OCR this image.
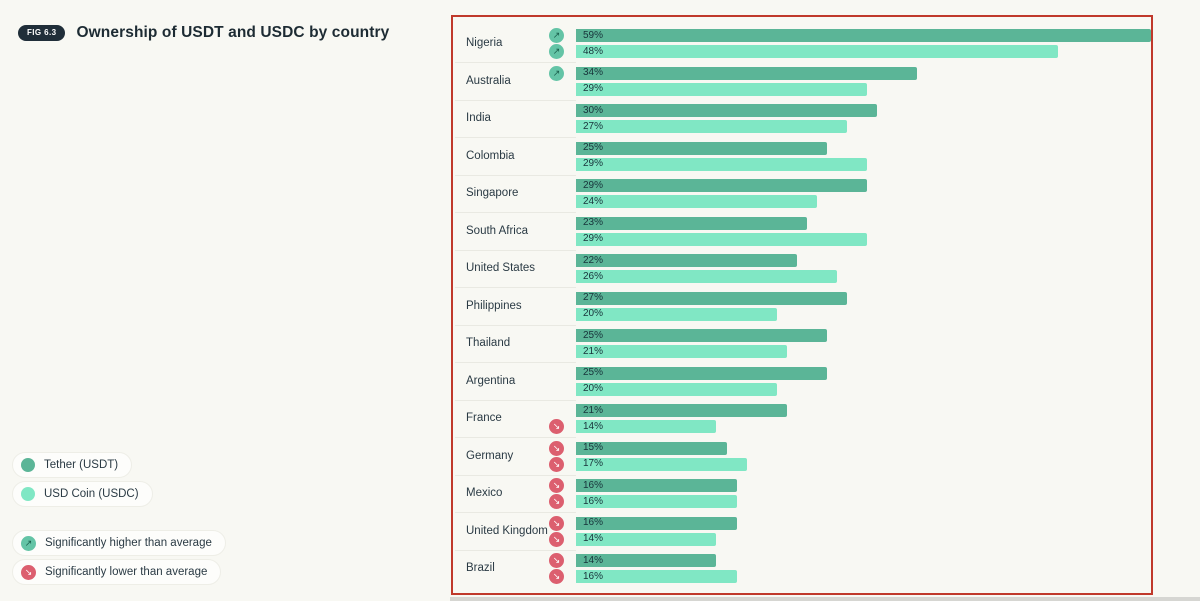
FIG 6.3	Ownership of USDT and USDC by country
Tether (USDT)
USD Coin (USDC)
↗	Significantly higher than average
↘	Significantly lower than average
Nigeria
↗	59%
↗	48%
Australia
↗	34%
29%
India
30%
27%
Colombia
25%
29%
Singapore
29%
24%
South Africa
23%
29%
United States
22%
26%
Philippines
27%
20%
Thailand
25%
21%
Argentina
25%
20%
France
21%
↘	14%
Germany
↘	15%
↘	17%
Mexico
↘	16%
↘	16%
United Kingdom
↘	16%
↘	14%
Brazil
↘	14%
↘	16%
